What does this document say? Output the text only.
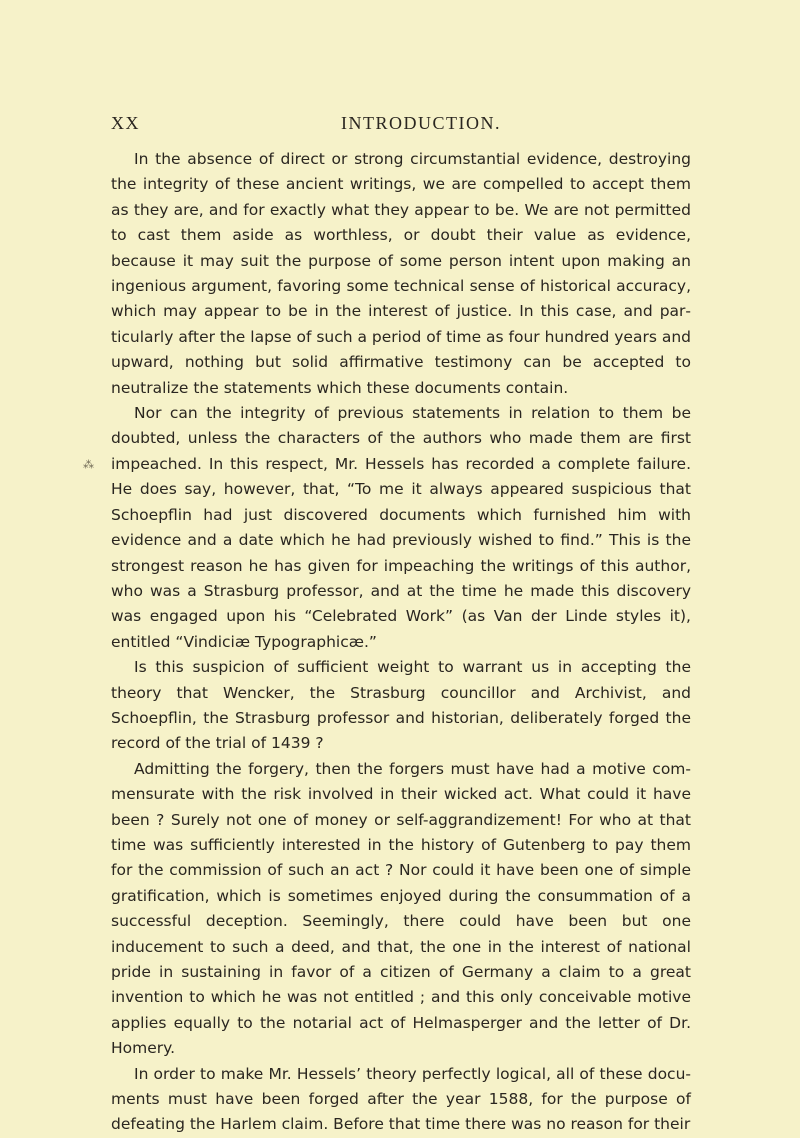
XX	INTRODUCTION.
⁂

In the absence of direct or strong circumstantial evidence, destroying the integrity of these ancient writings, we are compelled to accept them as they are, and for exactly what they appear to be. We are not permitted to cast them aside as worthless, or doubt their value as evidence, because it may suit the purpose of some person intent upon making an ingenious argument, favoring some technical sense of historical accuracy, which may appear to be in the interest of justice. In this case, and particularly after the lapse of such a period of time as four hundred years and upward, nothing but solid affirmative testimony can be accepted to neutralize the statements which these documents contain.

Nor can the integrity of previous statements in relation to them be doubted, unless the characters of the authors who made them are first impeached. In this respect, Mr. Hessels has recorded a complete failure. He does say, however, that, “To me it always appeared suspicious that Schoepflin had just discovered documents which furnished him with evidence and a date which he had previously wished to find.” This is the strongest reason he has given for impeaching the writings of this author, who was a Strasburg professor, and at the time he made this discovery was engaged upon his “Celebrated Work” (as Van der Linde styles it), entitled “Vindiciæ Typographicæ.”

Is this suspicion of sufficient weight to warrant us in accepting the theory that Wencker, the Strasburg councillor and Archivist, and Schoepflin, the Strasburg professor and historian, deliberately forged the record of the trial of 1439 ?

Admitting the forgery, then the forgers must have had a motive commensurate with the risk involved in their wicked act. What could it have been ? Surely not one of money or self-aggrandizement! For who at that time was sufficiently interested in the history of Gutenberg to pay them for the commission of such an act ? Nor could it have been one of simple gratification, which is sometimes enjoyed during the consummation of a successful deception. Seemingly, there could have been but one inducement to such a deed, and that, the one in the interest of national pride in sustaining in favor of a citizen of Germany a claim to a great invention to which he was not entitled ; and this only conceivable motive applies equally to the notarial act of Helmasperger and the letter of Dr. Homery.

In order to make Mr. Hessels’ theory perfectly logical, all of these documents must have been forged after the year 1588, for the purpose of defeating the Harlem claim. Before that time there was no reason for their
